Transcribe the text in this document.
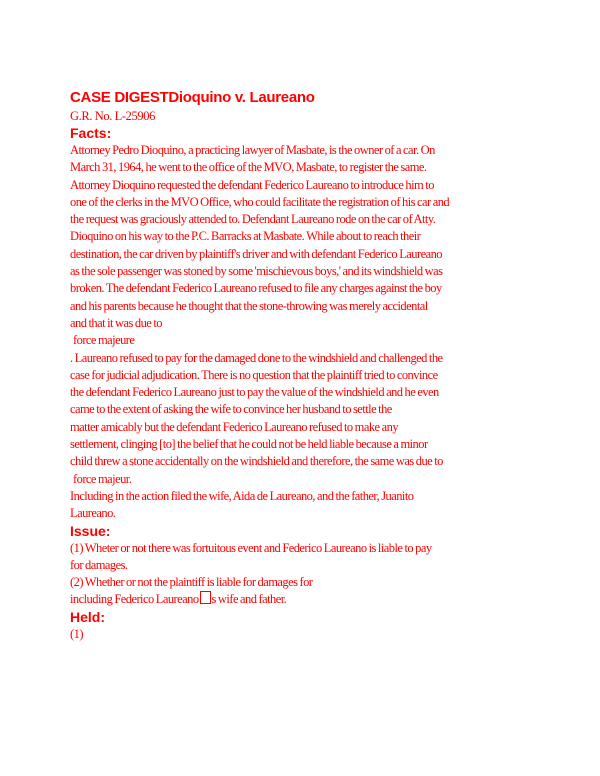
CASE DIGESTDioquino v. Laureano

G.R. No. L-25906

Facts:
Attorney Pedro Dioquino, a practicing lawyer of Masbate, is the owner of a car. On
March 31, 1964, he went to the office of the MVO, Masbate, to register the same.
Attorney Dioquino requested the defendant Federico Laureano to introduce him to
one of the clerks in the MVO Office, who could facilitate the registration of his car and
the request was graciously attended to. Defendant Laureano rode on the car of Atty.
Dioquino on his way to the P.C. Barracks at Masbate. While about to reach their
destination, the car driven by plaintiff's driver and with defendant Federico Laureano
as the sole passenger was stoned by some 'mischievous boys,' and its windshield was
broken. The defendant Federico Laureano refused to file any charges against the boy
and his parents because he thought that the stone-throwing was merely accidental
and that it was due to
force majeure
. Laureano refused to pay for the damaged done to the windshield and challenged the
case for judicial adjudication. There is no question that the plaintiff tried to convince
the defendant Federico Laureano just to pay the value of the windshield and he even
came to the extent of asking the wife to convince her husband to settle the
matter amicably but the defendant Federico Laureano refused to make any
settlement, clinging [to] the belief that he could not be held liable because a minor
child threw a stone accidentally on the windshield and therefore, the same was due to
force majeur.
Including in the action filed the wife, Aida de Laureano, and the father, Juanito
Laureano.
Issue:
(1) Wheter or not there was fortuitous event and Federico Laureano is liable to pay
for damages.
(2) Whether or not the plaintiff is liable for damages for
including Federico Laureano s wife and father.
Held:
(1)
